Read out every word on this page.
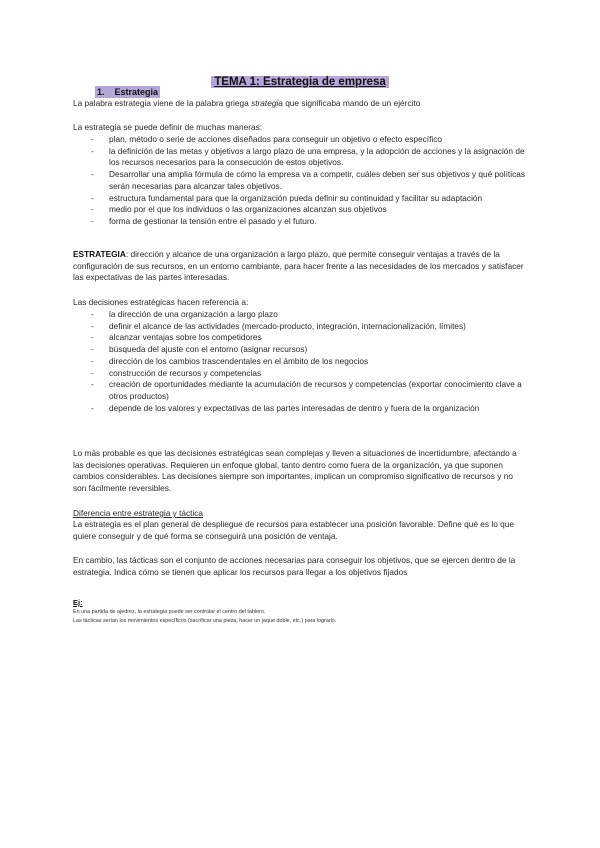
TEMA 1: Estrategia de empresa
1. Estrategia

La palabra estrategia viene de la palabra griega strategia que significaba mando de un ejército

La estrategia se puede definir de muchas maneras:

- plan, método o serie de acciones diseñados para conseguir un objetivo o efecto específico
- la definición de las metas y objetivos a largo plazo de una empresa, y la adopción de acciones y la asignación de los recursos necesarios para la consecución de estos objetivos.
- Desarrollar una amplia fórmula de cómo la empresa va a competir, cuáles deben ser sus objetivos y qué políticas serán necesarias para alcanzar tales objetivos.
- estructura fundamental para que la organización pueda definir su continuidad y facilitar su adaptación
- medio por el que los individuos o las organizaciones alcanzan sus objetivos
- forma de gestionar la tensión entre el pasado y el futuro.

ESTRATEGIA: dirección y alcance de una organización a largo plazo, que permite conseguir ventajas a través de la configuración de sus recursos, en un entorno cambiante, para hacer frente a las necesidades de los mercados y satisfacer las expectativas de las partes interesadas.

Las decisiones estratégicas hacen referencia a:

- la dirección de una organización a largo plazo
- definir el alcance de las actividades (mercado-producto, integración, internacionalización, límites)
- alcanzar ventajas sobre los competidores
- búsqueda del ajuste con el entorno (asignar recursos)
- dirección de los cambios trascendentales en el ámbito de los negocios
- construcción de recursos y competencias
- creación de oportunidades mediante la acumulación de recursos y competencias (exportar conocimiento clave a otros productos)
- depende de los valores y expectativas de las partes interesadas de dentro y fuera de la organización

Lo más probable es que las decisiones estratégicas sean complejas y lleven a situaciones de incertidumbre, afectando a las decisiones operativas. Requieren un enfoque global, tanto dentro como fuera de la organización, ya que suponen cambios considerables. Las decisiones siempre son importantes, implican un compromiso significativo de recursos y no son fácilmente reversibles.

Diferencia entre estrategia y táctica

La estrategia es el plan general de despliegue de recursos para establecer una posición favorable. Define qué es lo que quiere conseguir y de qué forma se conseguirá una posición de ventaja.

En cambio, las tácticas son el conjunto de acciones necesarias para conseguir los objetivos, que se ejercen dentro de la estrategia. Indica cómo se tienen que aplicar los recursos para llegar a los objetivos fijados

Ej:

En una partida de ajedrez, la estrategia puede ser controlar el centro del tablero.

Las tácticas serían los movimientos específicos (sacrificar una pieza, hacer un jaque doble, etc.) para lograrlo.
